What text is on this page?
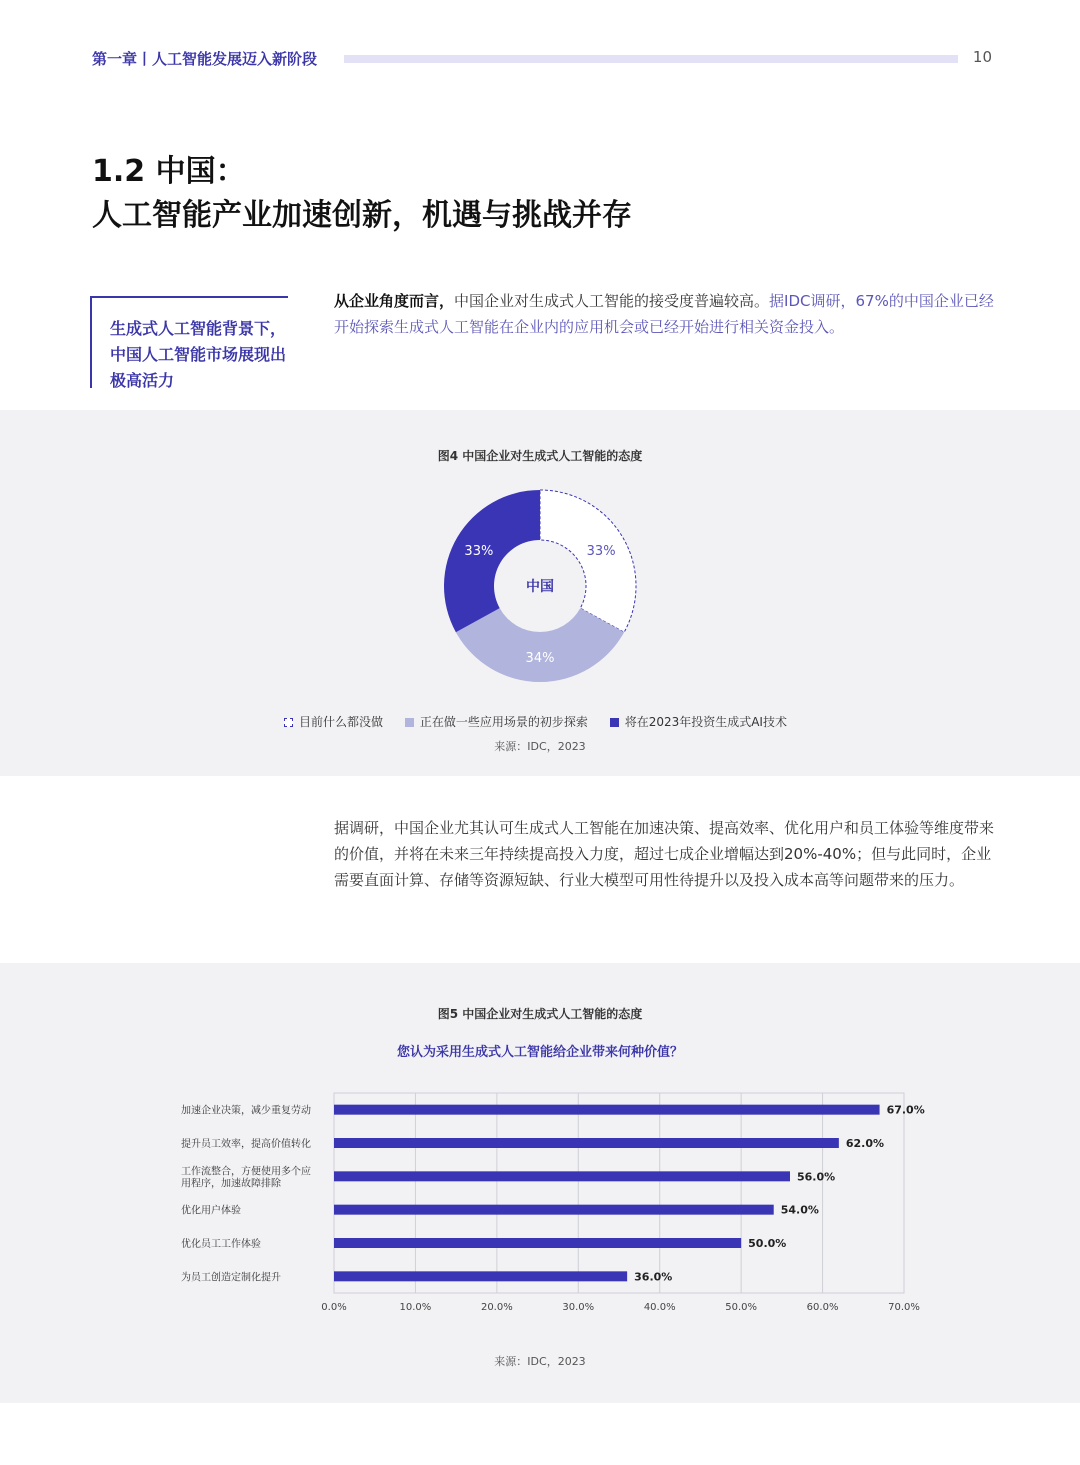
第一章丨人工智能发展迈入新阶段	10
1.2 中国：
人工智能产业加速创新，机遇与挑战并存
生成式人工智能背景下，中国人工智能市场展现出极高活力
从企业角度而言，中国企业对生成式人工智能的接受度普遍较高。据IDC调研，67%的中国企业已经开始探索生成式人工智能在企业内的应用机会或已经开始进行相关资金投入。
图4 中国企业对生成式人工智能的态度
33%
34%
33%
中国
目前什么都没做	正在做一些应用场景的初步探索	将在2023年投资生成式AI技术
来源：IDC，2023
据调研，中国企业尤其认可生成式人工智能在加速决策、提高效率、优化用户和员工体验等维度带来的价值，并将在未来三年持续提高投入力度，超过七成企业增幅达到20%-40%；但与此同时，企业需要直面计算、存储等资源短缺、行业大模型可用性待提升以及投入成本高等问题带来的压力。
图5 中国企业对生成式人工智能的态度
您认为采用生成式人工智能给企业带来何种价值？
0.0%	10.0%	20.0%	30.0%	40.0%	50.0%	60.0%	70.0%
67.0%
加速企业决策，减少重复劳动
62.0%
提升员工效率，提高价值转化
56.0%
工作流整合，方便使用多个应
用程序，加速故障排除
54.0%
优化用户体验
50.0%
优化员工工作体验
36.0%
为员工创造定制化提升
来源：IDC，2023
